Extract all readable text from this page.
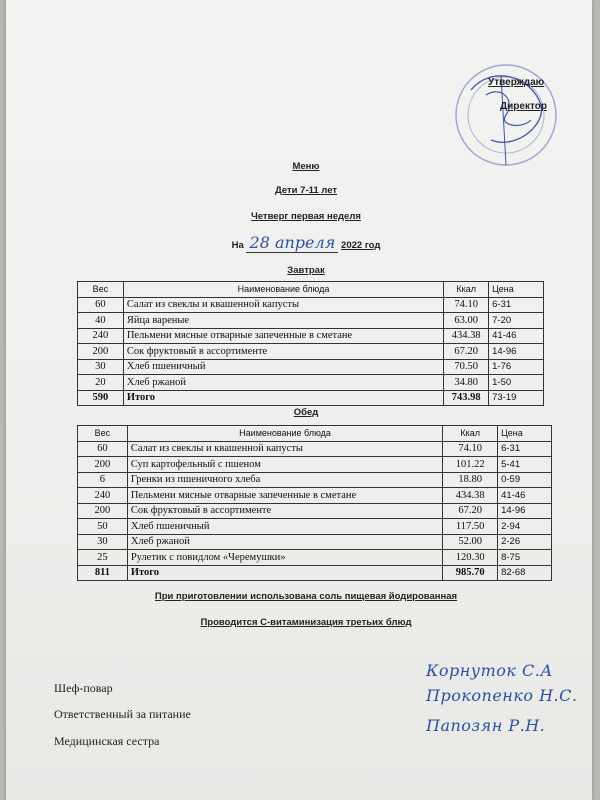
Утверждаю
Директор
Меню
Дети 7-11 лет
Четверг первая неделя
На 28 апреля 2022 год
Завтрак
Вес	Наименование блюда	Ккал	Цена
60	Салат из свеклы и квашенной капусты	74.10	6-31
40	Яйца вареные	63.00	7-20
240	Пельмени мясные отварные запеченные в сметане	434.38	41-46
200	Сок фруктовый в ассортименте	67.20	14-96
30	Хлеб пшеничный	70.50	1-76
20	Хлеб ржаной	34.80	1-50
590	Итого	743.98	73-19
Обед
Вес	Наименование блюда	Ккал	Цена
60	Салат из свеклы и квашенной капусты	74.10	6-31
200	Суп картофельный с пшеном	101.22	5-41
6	Гренки из пшеничного хлеба	18.80	0-59
240	Пельмени мясные отварные запеченные в сметане	434.38	41-46
200	Сок фруктовый в ассортименте	67.20	14-96
50	Хлеб пшеничный	117.50	2-94
30	Хлеб ржаной	52.00	2-26
25	Рулетик с повидлом «Черемушки»	120.30	8-75
811	Итого	985.70	82-68
При приготовлении использована соль пищевая йодированная
Проводится С-витаминизация третьих блюд
Шеф-повар
Ответственный за питание
Медицинская сестра
Корнуток С.А
Прокопенко Н.С.
Папозян Р.Н.
